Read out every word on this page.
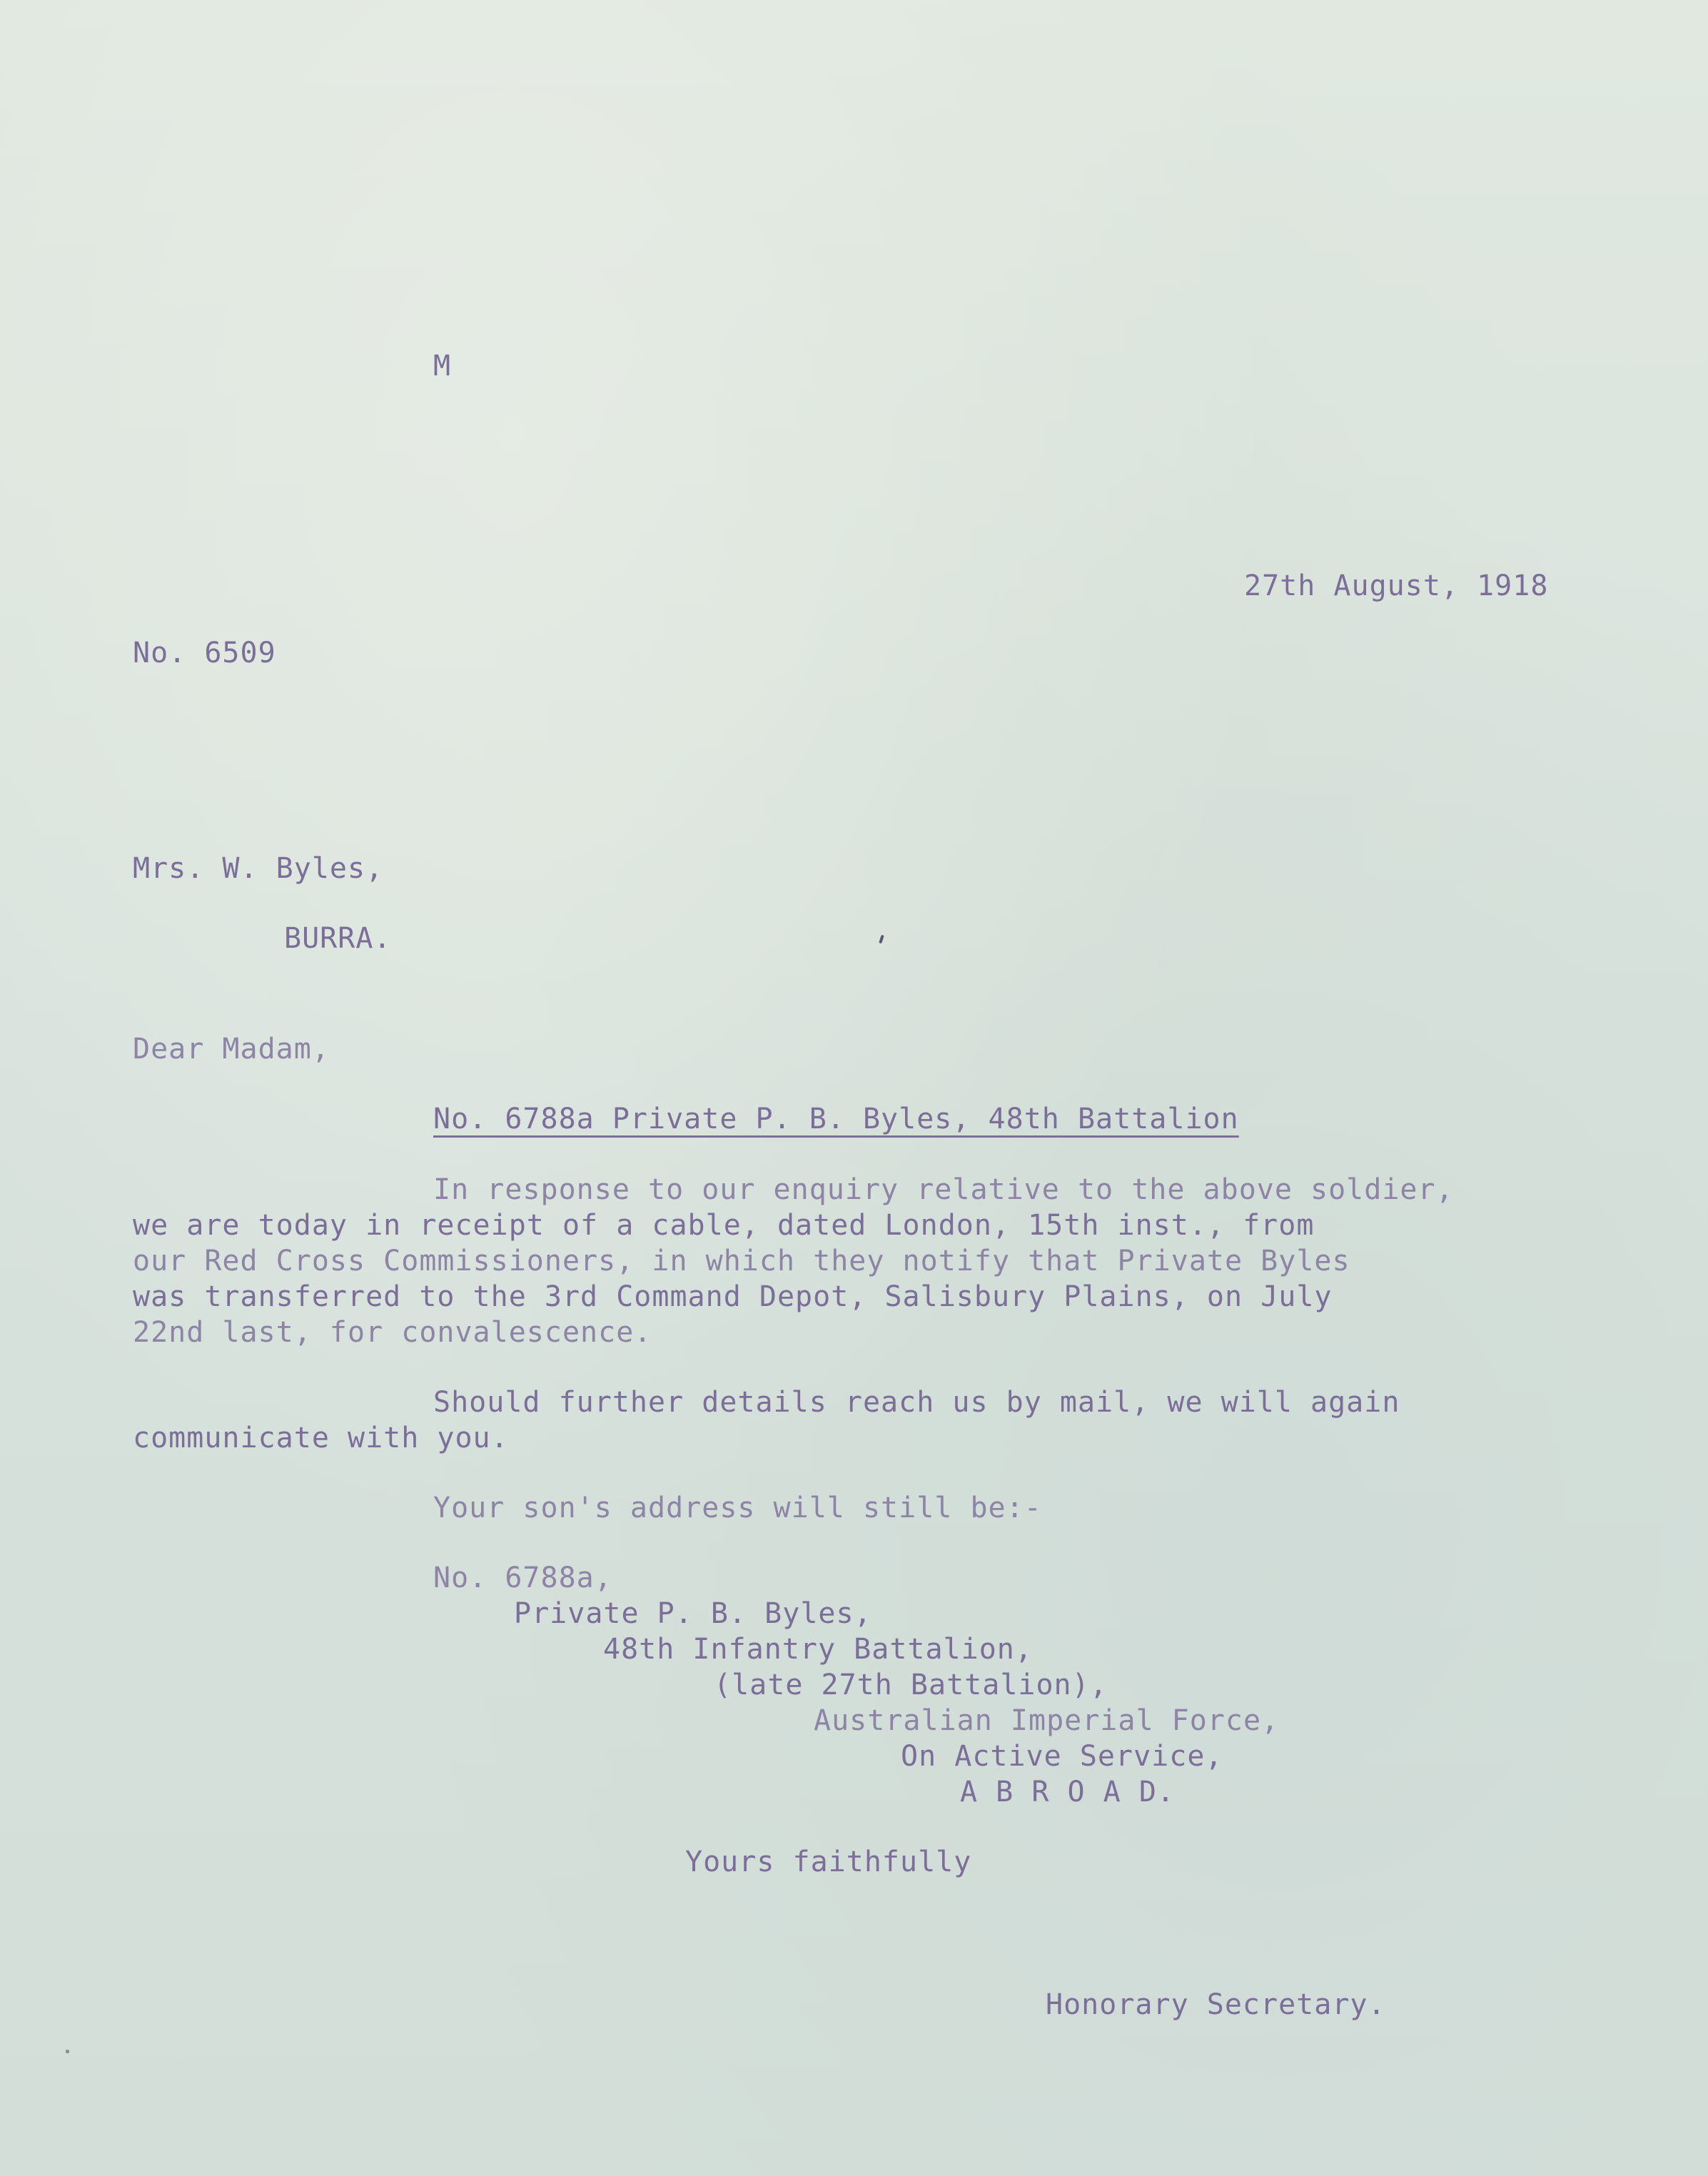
M

27th August, 1918

No. 6509

Mrs. W. Byles,

BURRA.

Dear Madam,

No. 6788a Private P. B. Byles, 48th Battalion

In response to our enquiry relative to the above soldier,

we are today in receipt of a cable, dated London, 15th inst., from

our Red Cross Commissioners, in which they notify that Private Byles

was transferred to the 3rd Command Depot, Salisbury Plains, on July

22nd last, for convalescence.

Should further details reach us by mail, we will again

communicate with you.

Your son's address will still be:-

No. 6788a,

Private P. B. Byles,

48th Infantry Battalion,

(late 27th Battalion),

Australian Imperial Force,

On Active Service,

A B R O A D.

Yours faithfully

Honorary Secretary.
